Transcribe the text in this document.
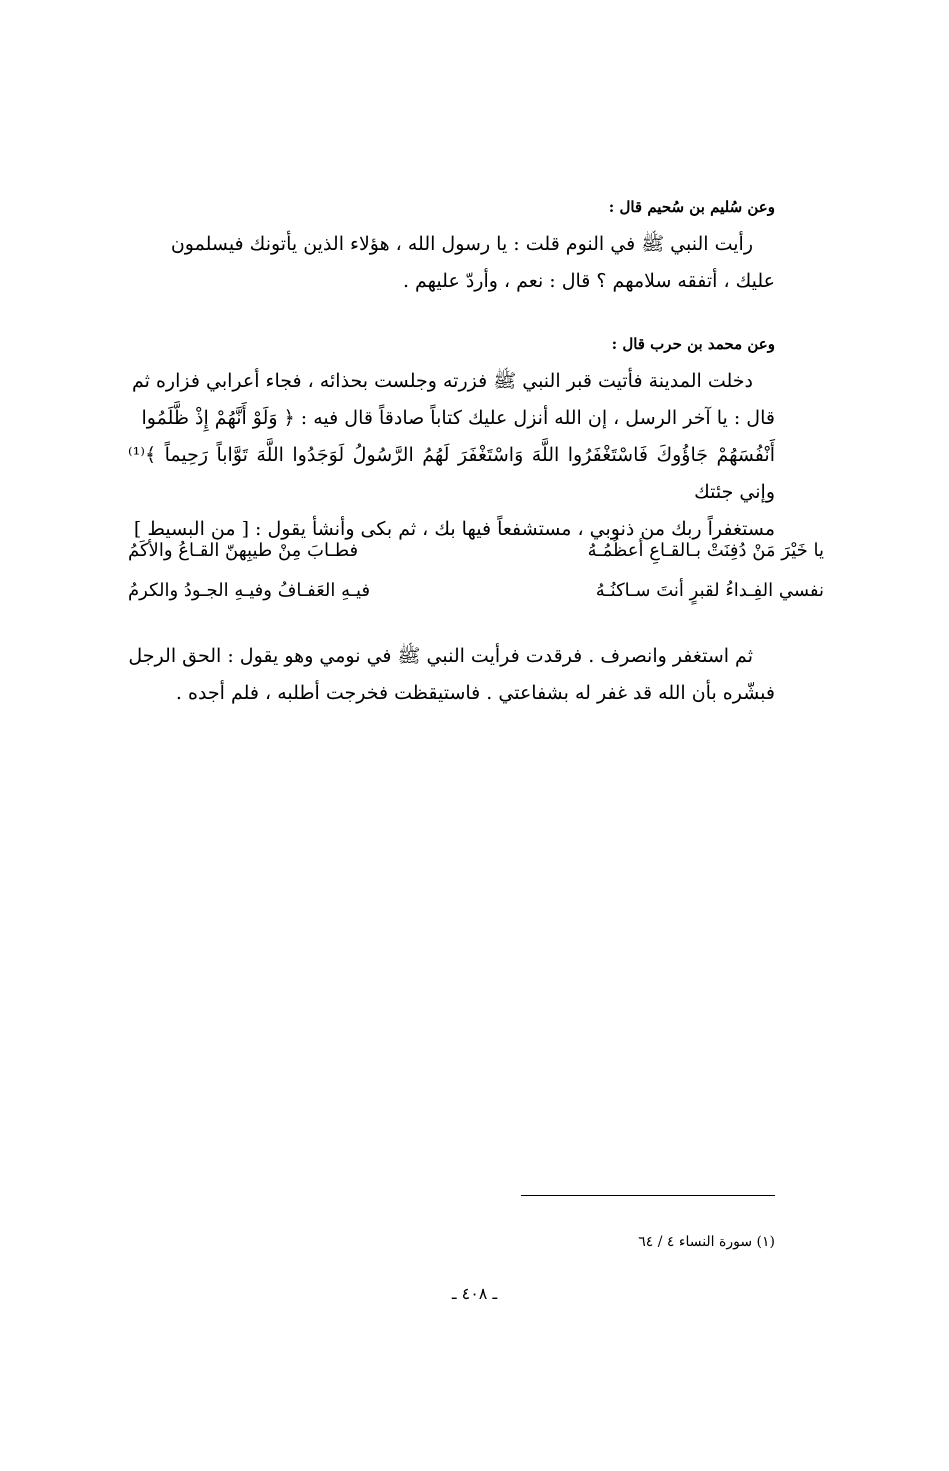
وعن سُليم بن سُحيم قال :

رأيت النبي ﷺ في النوم قلت : يا رسول الله ، هؤلاء الذين يأتونك فيسلمون

عليك ، أتفقه سلامهم ؟ قال : نعم ، وأردّ عليهم .

وعن محمد بن حرب قال :

دخلت المدينة فأتيت قبر النبي ﷺ فزرته وجلست بحذائه ، فجاء أعرابي فزاره ثم

قال : يا آخر الرسل ، إن الله أنزل عليك كتاباً صادقاً قال فيه : ﴿ وَلَوْ أَنَّهُمْ إِذْ ظَّلَمُوا

أَنْفُسَهُمْ جَاؤُوكَ فَاسْتَغْفَرُوا اللَّهَ وَاسْتَغْفَرَ لَهُمُ الرَّسُولُ لَوَجَدُوا اللَّهَ تَوَّاباً رَحِيماً ﴾⁽¹⁾ وإني جئتك

مستغفراً ربك من ذنوبي ، مستشفعاً فيها بك ، ثم بكى وأنشأ يقول : [ من البسيط ]

يا خَيْرَ مَنْ دُفِنَتْ بـالقـاعِ أعظُمُـهُ
فطـابَ مِنْ طيبِهنّ القـاعُ والأكَمُ
نفسي الفِـداءُ لقبرٍ أنتَ سـاكنُـهُ
فيـهِ العَفـافُ وفيـهِ الجـودُ والكرمُ

ثم استغفر وانصرف . فرقدت فرأيت النبي ﷺ في نومي وهو يقول : الحق الرجل

فبشّره بأن الله قد غفر له بشفاعتي . فاستيقظت فخرجت أطلبه ، فلم أجده .

(١) سورة النساء ٤ / ٦٤
ـ ٤٠٨ ـ
